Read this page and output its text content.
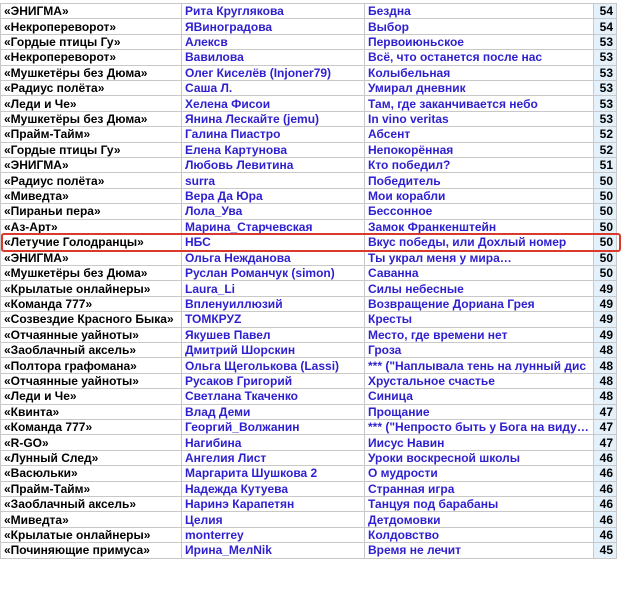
«ЭНИГМА»	Рита Круглякова	Бездна	54
«Некропереворот»	ЯВиноградова	Выбор	54
«Гордые птицы Гу»	Алексв	Первоиюньское	53
«Некропереворот»	Вавилова	Всё, что останется после нас	53
«Мушкетёры без Дюма»	Олег Киселёв (Injoner79)	Колыбельная	53
«Радиус полёта»	Саша Л.	Умирал дневник	53
«Леди и Че»	Хелена Фисои	Там, где заканчивается небо	53
«Мушкетёры без Дюма»	Янина Лескайте (jemu)	In vino veritas	53
«Прайм-Тайм»	Галина Пиастро	Абсент	52
«Гордые птицы Гу»	Елена Картунова	Непокорённая	52
«ЭНИГМА»	Любовь Левитина	Кто победил?	51
«Радиус полёта»	surra	Победитель	50
«Миведта»	Вера Да Юра	Мои корабли	50
«Пираньи пера»	Лола_Ува	Бессонное	50
«Аз-Арт»	Марина_Старчевская	Замок Франкенштейн	50
«Летучие Голодранцы»	НБС	Вкус победы, или Дохлый номер	50
«ЭНИГМА»	Ольга Нежданова	Ты украл меня у мира…	50
«Мушкетёры без Дюма»	Руслан Романчук (simon)	Саванна	50
«Крылатые онлайнеры»	Laura_Li	Силы небесные	49
«Команда 777»	Впленуиллюзий	Возвращение Дориана Грея	49
«Созвездие Красного Быка»	ТОМКРУZ	Кресты	49
«Отчаянные уайноты»	Якушев Павел	Место, где времени нет	49
«Заоблачный аксель»	Дмитрий Шорскин	Гроза	48
«Полтора графомана»	Ольга Щеголькова (Lassi)	*** ("Наплывала тень на лунный дис	48
«Отчаянные уайноты»	Русаков Григорий	Хрустальное счастье	48
«Леди и Че»	Светлана Ткаченко	Синица	48
«Квинта»	Влад Деми	Прощание	47
«Команда 777»	Георгий_Волжанин	*** ("Непросто быть у Бога на виду…	47
«R-GO»	Нагибина	Иисус Навин	47
«Лунный След»	Ангелия Лист	Уроки воскресной школы	46
«Васюльки»	Маргарита Шушкова 2	О мудрости	46
«Прайм-Тайм»	Надежда Кутуева	Странная игра	46
«Заоблачный аксель»	Наринэ Карапетян	Танцуя под барабаны	46
«Миведта»	Целия	Детдомовки	46
«Крылатые онлайнеры»	monterrey	Колдовство	46
«Починяющие примуса»	Ирина_МелNik	Время не лечит	45
